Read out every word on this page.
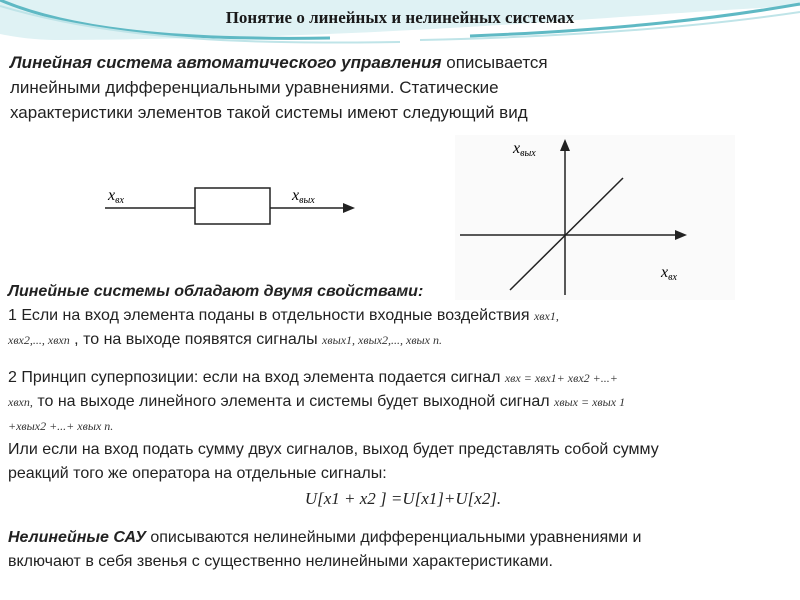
Понятие о линейных и нелинейных системах
Линейная система автоматического управления описывается
линейными дифференциальными уравнениями. Статические
характеристики элементов такой системы имеют следующий вид
xвх	xвых
xвых
xвх
Линейные системы обладают двумя свойствами:
1 Если на вход элемента поданы в отдельности входные воздействия xвх1,
xвх2,..., xвхn , то на выходе появятся сигналы xвых1, xвых2,..., xвых n.
2 Принцип суперпозиции: если на вход элемента подается сигнал xвх = xвх1+ xвх2 +...+
xвхn, то на выходе линейного элемента и системы будет выходной сигнал xвых = xвых 1
+xвых2 +...+ xвых n.
Или если на вход подать сумму двух сигналов, выход будет представлять собой сумму
реакций того же оператора на отдельные сигналы:
U[x1 + x2 ] =U[x1]+U[x2].
Нелинейные САУ описываются нелинейными дифференциальными уравнениями и
включают в себя звенья с существенно нелинейными характеристиками.
